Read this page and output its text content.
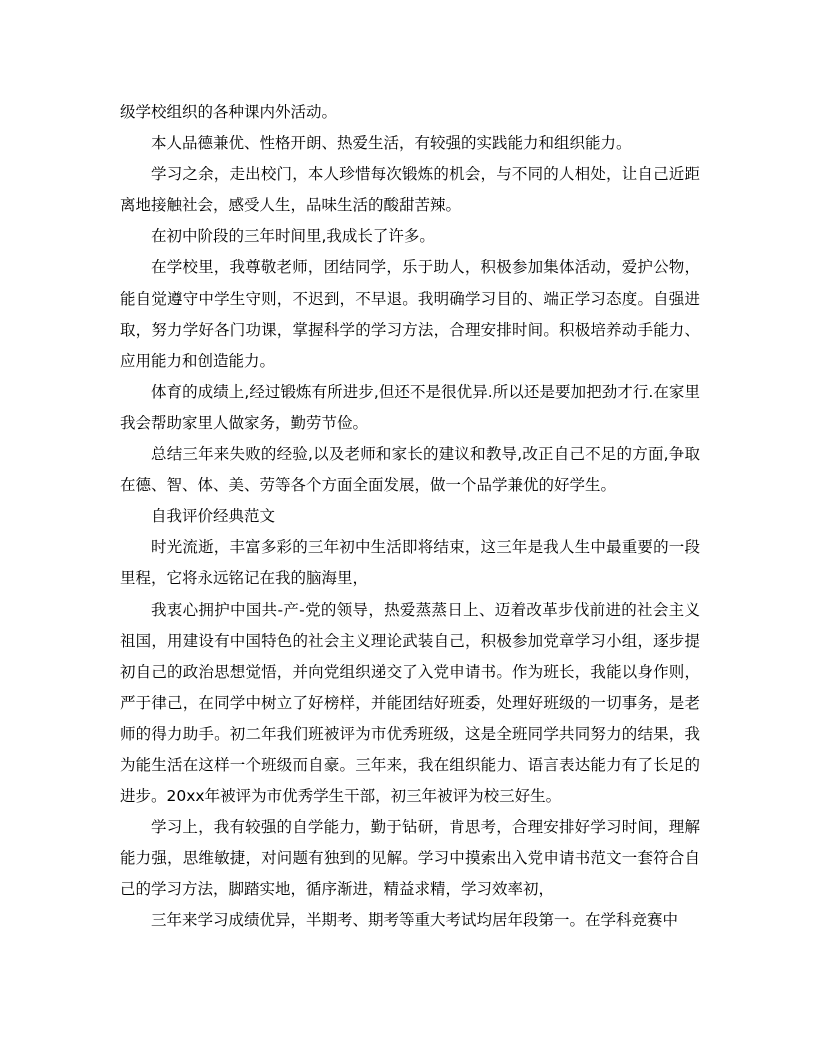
级学校组织的各种课内外活动。

本人品德兼优、性格开朗、热爱生活，有较强的实践能力和组织能力。

学习之余，走出校门，本人珍惜每次锻炼的机会，与不同的人相处，让自己近距离地接触社会，感受人生，品味生活的酸甜苦辣。

在初中阶段的三年时间里,我成长了许多。

在学校里，我尊敬老师，团结同学，乐于助人，积极参加集体活动，爱护公物，能自觉遵守中学生守则，不迟到，不早退。我明确学习目的、端正学习态度。自强进取，努力学好各门功课，掌握科学的学习方法，合理安排时间。积极培养动手能力、应用能力和创造能力。

体育的成绩上,经过锻炼有所进步,但还不是很优异.所以还是要加把劲才行.在家里我会帮助家里人做家务，勤劳节俭。

总结三年来失败的经验,以及老师和家长的建议和教导,改正自己不足的方面,争取在德、智、体、美、劳等各个方面全面发展，做一个品学兼优的好学生。

自我评价经典范文

时光流逝，丰富多彩的三年初中生活即将结束，这三年是我人生中最重要的一段里程，它将永远铭记在我的脑海里，

我衷心拥护中国共-产-党的领导，热爱蒸蒸日上、迈着改革步伐前进的社会主义祖国，用建设有中国特色的社会主义理论武装自己，积极参加党章学习小组，逐步提初自己的政治思想觉悟，并向党组织递交了入党申请书。作为班长，我能以身作则，严于律己，在同学中树立了好榜样，并能团结好班委，处理好班级的一切事务，是老师的得力助手。初二年我们班被评为市优秀班级，这是全班同学共同努力的结果，我为能生活在这样一个班级而自豪。三年来，我在组织能力、语言表达能力有了长足的进步。20xx年被评为市优秀学生干部，初三年被评为校三好生。

学习上，我有较强的自学能力，勤于钻研，肯思考，合理安排好学习时间，理解能力强，思维敏捷，对问题有独到的见解。学习中摸索出入党申请书范文一套符合自己的学习方法，脚踏实地，循序渐进，精益求精，学习效率初，

三年来学习成绩优异，半期考、期考等重大考试均居年段第一。在学科竞赛中
